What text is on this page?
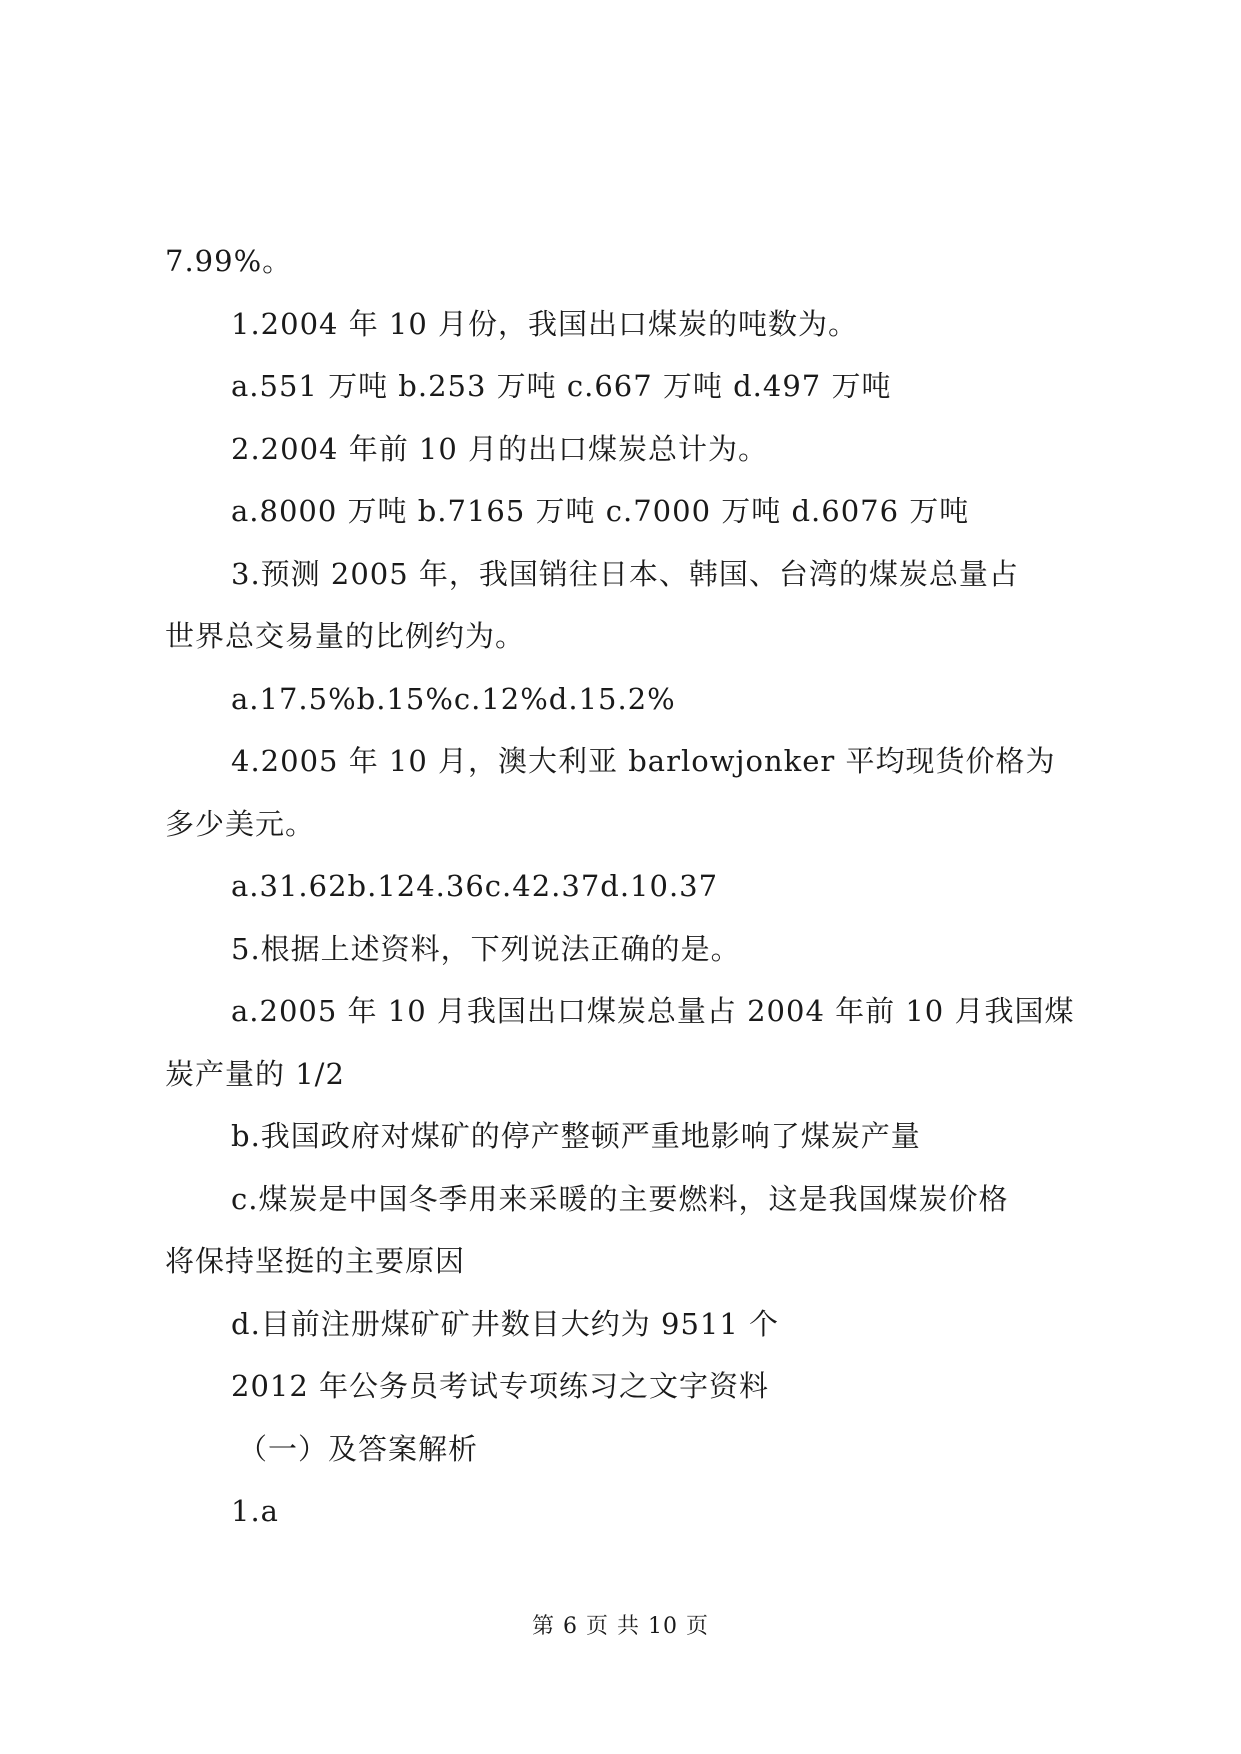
7.99%。
1.2004 年 10 月份，我国出口煤炭的吨数为。
a.551 万吨 b.253 万吨 c.667 万吨 d.497 万吨
2.2004 年前 10 月的出口煤炭总计为。
a.8000 万吨 b.7165 万吨 c.7000 万吨 d.6076 万吨
3.预测 2005 年，我国销往日本、韩国、台湾的煤炭总量占
世界总交易量的比例约为。
a.17.5%b.15%c.12%d.15.2%
4.2005 年 10 月，澳大利亚 barlowjonker 平均现货价格为
多少美元。
a.31.62b.124.36c.42.37d.10.37
5.根据上述资料，下列说法正确的是。
a.2005 年 10 月我国出口煤炭总量占 2004 年前 10 月我国煤
炭产量的 1/2
b.我国政府对煤矿的停产整顿严重地影响了煤炭产量
c.煤炭是中国冬季用来采暖的主要燃料，这是我国煤炭价格
将保持坚挺的主要原因
d.目前注册煤矿矿井数目大约为 9511 个
2012 年公务员考试专项练习之文字资料
（一）及答案解析
1.a
第 6 页 共 10 页
